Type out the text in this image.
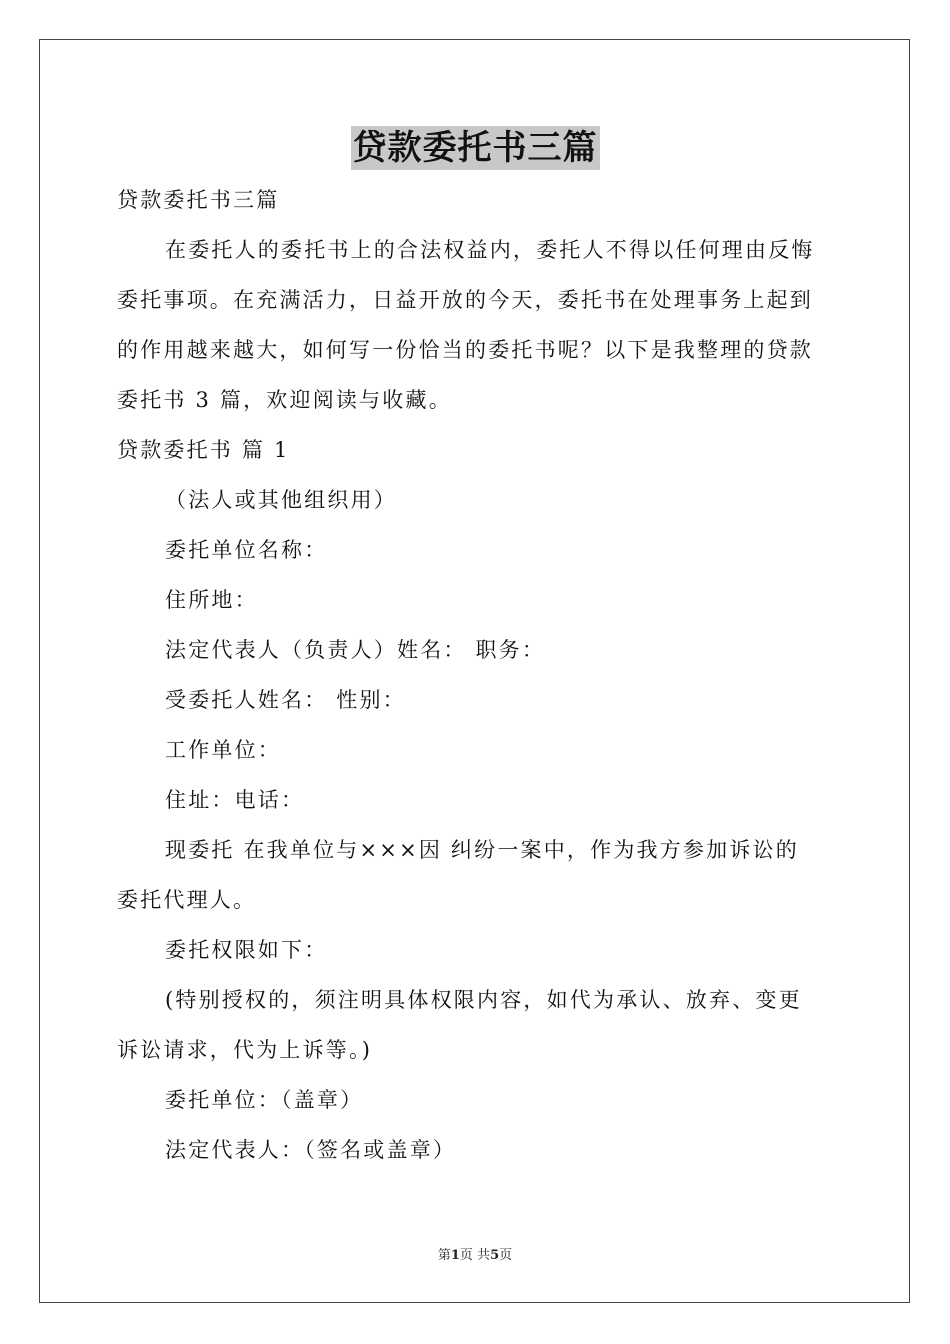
贷款委托书三篇
贷款委托书三篇
在委托人的委托书上的合法权益内，委托人不得以任何理由反悔
委托事项。在充满活力，日益开放的今天，委托书在处理事务上起到
的作用越来越大，如何写一份恰当的委托书呢？以下是我整理的贷款
委托书 3 篇，欢迎阅读与收藏。
贷款委托书 篇 1
（法人或其他组织用）
委托单位名称：
住所地：
法定代表人（负责人）姓名： 职务：
受委托人姓名： 性别：
工作单位：
住址：电话：
现委托 在我单位与×××因 纠纷一案中，作为我方参加诉讼的
委托代理人。
委托权限如下：
(特别授权的，须注明具体权限内容，如代为承认、放弃、变更
诉讼请求，代为上诉等。)
委托单位：（盖章）
法定代表人：（签名或盖章）
第1页 共5页
